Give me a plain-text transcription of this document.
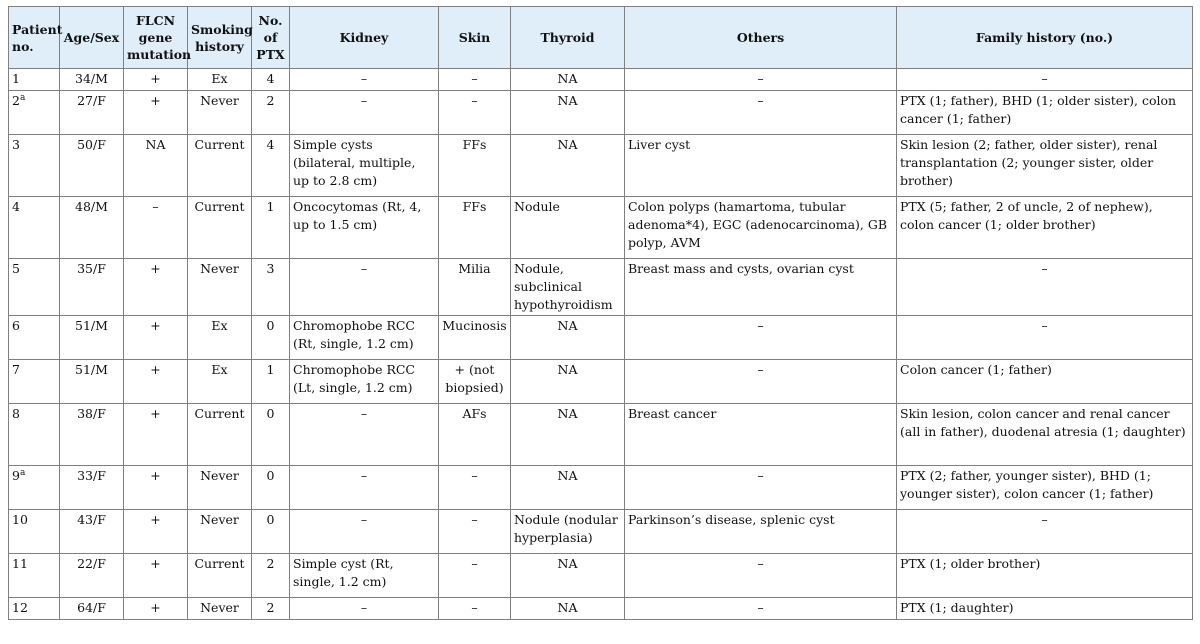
Patient no.	Age/Sex	FLCN gene mutation	Smoking history	No. of PTX	Kidney	Skin	Thyroid	Others	Family history (no.)
1	34/M	+	Ex	4	–	–	NA	–	–
2$^a$	27/F	+	Never	2	–	–	NA	–	PTX (1; father), BHD (1; older sister), colon cancer (1; father)
3	50/F	NA	Current	4	Simple cysts (bilateral, multiple, up to 2.8 cm)	FFs	NA	Liver cyst	Skin lesion (2; father, older sister), renal transplantation (2; younger sister, older brother)
4	48/M	–	Current	1	Oncocytomas (Rt, 4, up to 1.5 cm)	FFs	Nodule	Colon polyps (hamartoma, tubular adenoma*4), EGC (adenocarcinoma), GB polyp, AVM	PTX (5; father, 2 of uncle, 2 of nephew), colon cancer (1; older brother)
5	35/F	+	Never	3	–	Milia	Nodule, subclinical hypothyroidism	Breast mass and cysts, ovarian cyst	–
6	51/M	+	Ex	0	Chromophobe RCC (Rt, single, 1.2 cm)	Mucinosis	NA	–	–
7	51/M	+	Ex	1	Chromophobe RCC (Lt, single, 1.2 cm)	+ (not biopsied)	NA	–	Colon cancer (1; father)
8	38/F	+	Current	0	–	AFs	NA	Breast cancer	Skin lesion, colon cancer and renal cancer (all in father), duodenal atresia (1; daughter)
9$^a$	33/F	+	Never	0	–	–	NA	–	PTX (2; father, younger sister), BHD (1; younger sister), colon cancer (1; father)
10	43/F	+	Never	0	–	–	Nodule (nodular hyperplasia)	Parkinson’s disease, splenic cyst	–
11	22/F	+	Current	2	Simple cyst (Rt, single, 1.2 cm)	–	NA	–	PTX (1; older brother)
12	64/F	+	Never	2	–	–	NA	–	PTX (1; daughter)
